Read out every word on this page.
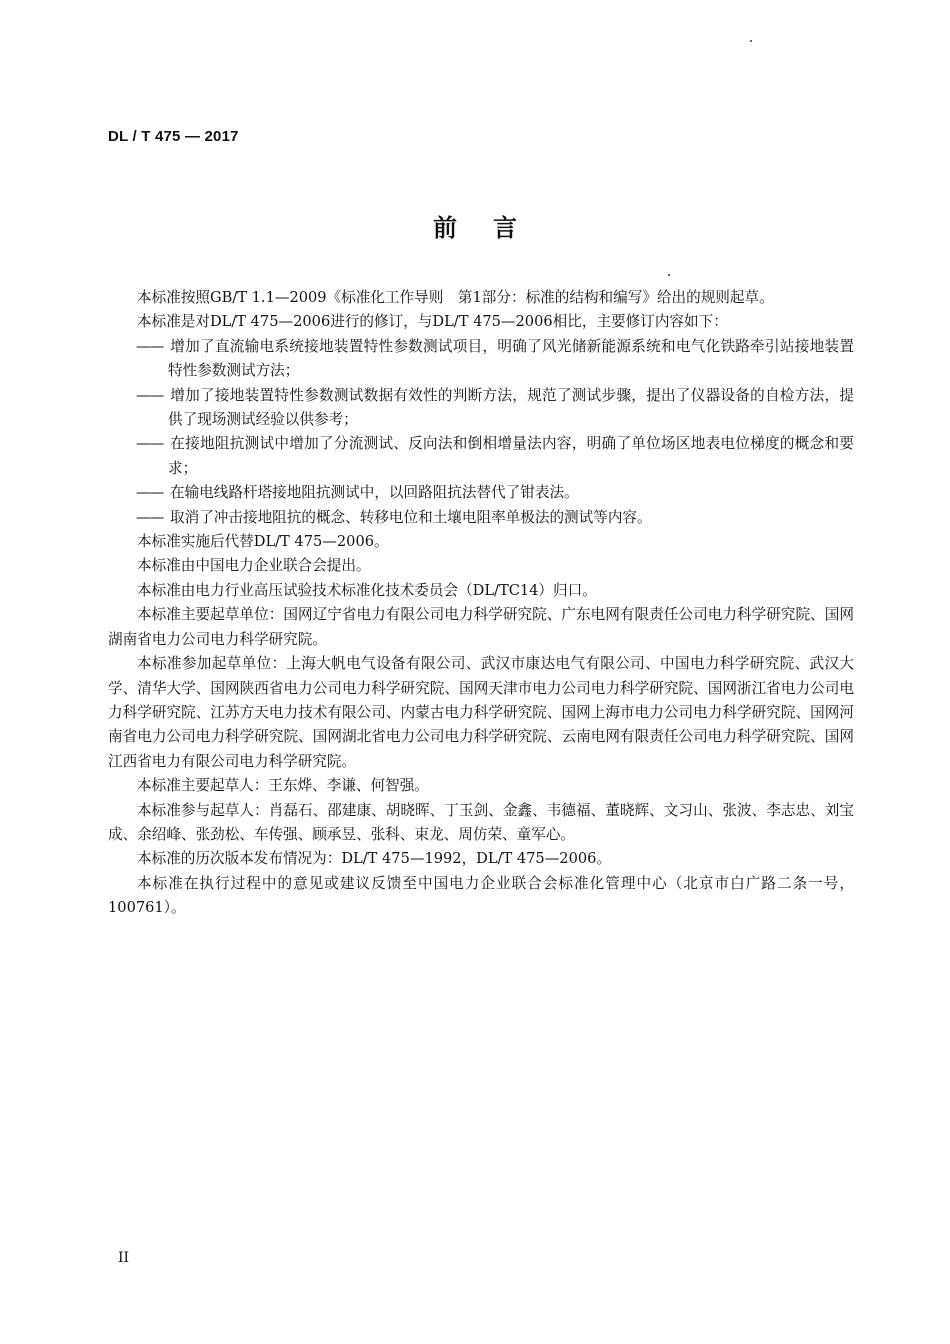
DL / T 475 — 2017
前言

本标准按照GB/T 1.1—2009《标准化工作导则　第1部分：标准的结构和编写》给出的规则起草。

本标准是对DL/T 475—2006进行的修订，与DL/T 475—2006相比，主要修订内容如下：

—— 增加了直流输电系统接地装置特性参数测试项目，明确了风光储新能源系统和电气化铁路牵引站接地装置特性参数测试方法；

—— 增加了接地装置特性参数测试数据有效性的判断方法，规范了测试步骤，提出了仪器设备的自检方法，提供了现场测试经验以供参考；

—— 在接地阻抗测试中增加了分流测试、反向法和倒相增量法内容，明确了单位场区地表电位梯度的概念和要求；

—— 在输电线路杆塔接地阻抗测试中，以回路阻抗法替代了钳表法。

—— 取消了冲击接地阻抗的概念、转移电位和土壤电阻率单极法的测试等内容。

本标准实施后代替DL/T 475—2006。

本标准由中国电力企业联合会提出。

本标准由电力行业高压试验技术标准化技术委员会（DL/TC14）归口。

本标准主要起草单位：国网辽宁省电力有限公司电力科学研究院、广东电网有限责任公司电力科学研究院、国网湖南省电力公司电力科学研究院。

本标准参加起草单位：上海大帆电气设备有限公司、武汉市康达电气有限公司、中国电力科学研究院、武汉大学、清华大学、国网陕西省电力公司电力科学研究院、国网天津市电力公司电力科学研究院、国网浙江省电力公司电力科学研究院、江苏方天电力技术有限公司、内蒙古电力科学研究院、国网上海市电力公司电力科学研究院、国网河南省电力公司电力科学研究院、国网湖北省电力公司电力科学研究院、云南电网有限责任公司电力科学研究院、国网江西省电力有限公司电力科学研究院。

本标准主要起草人：王东烨、李谦、何智强。

本标准参与起草人：肖磊石、邵建康、胡晓晖、丁玉剑、金鑫、韦德福、董晓辉、文习山、张波、李志忠、刘宝成、余绍峰、张劲松、车传强、顾承昱、张科、束龙、周仿荣、童军心。

本标准的历次版本发布情况为：DL/T 475—1992，DL/T 475—2006。

本标准在执行过程中的意见或建议反馈至中国电力企业联合会标准化管理中心（北京市白广路二条一号，100761）。

II
